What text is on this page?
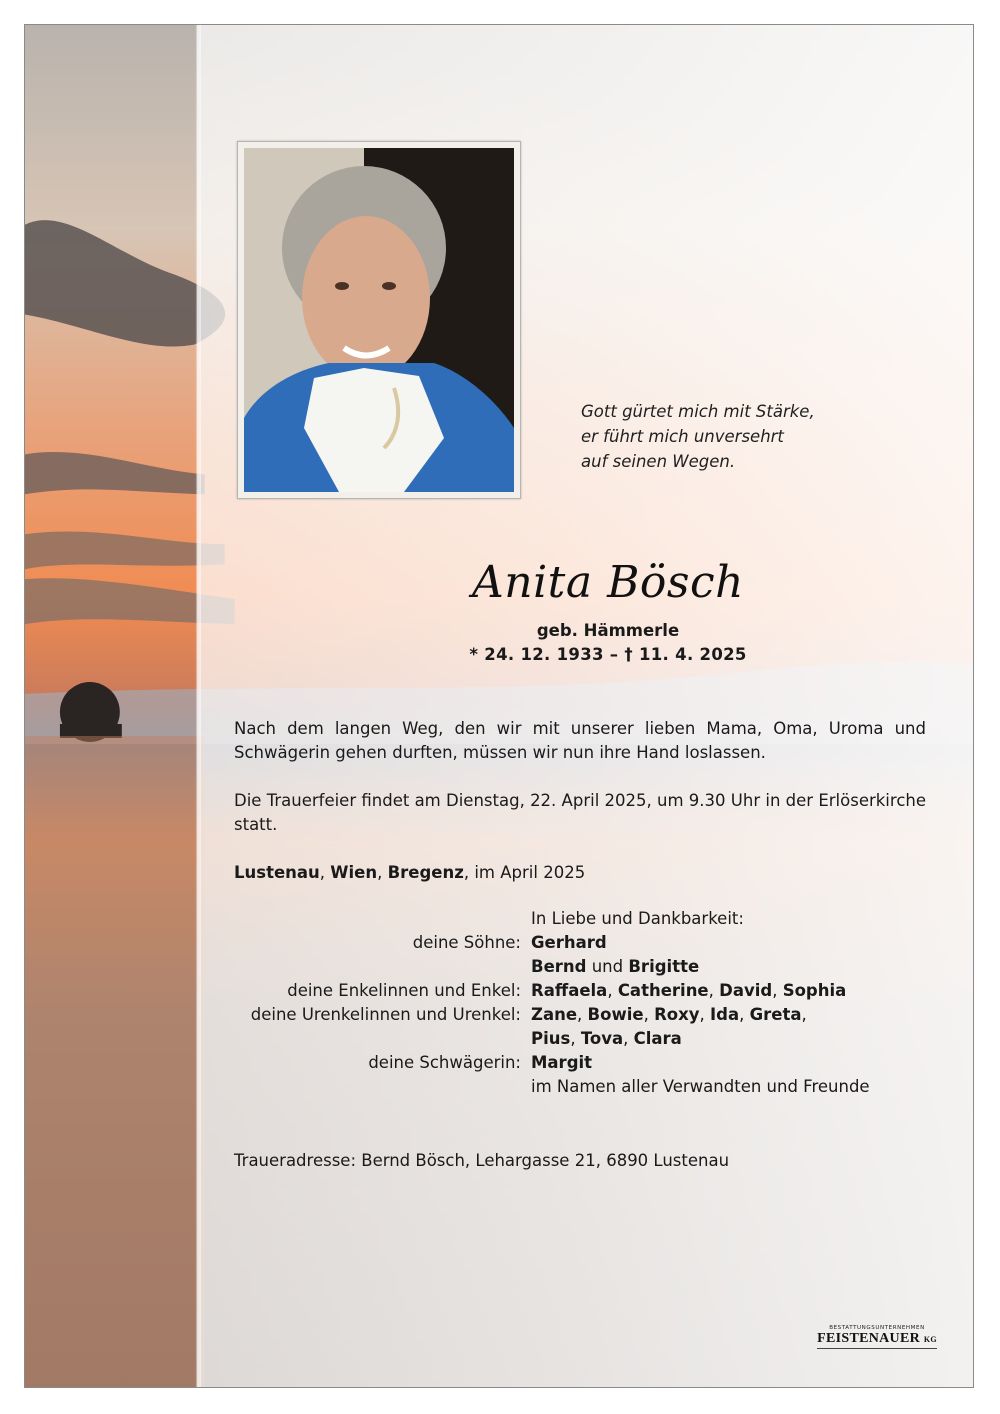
Gott gürtet mich mit Stärke,
er führt mich unversehrt
auf seinen Wegen.
Anita Bösch
geb. Hämmerle
* 24. 12. 1933 – † 11. 4. 2025
Nach dem langen Weg, den wir mit unserer lieben Mama, Oma, Uroma und Schwägerin gehen durften, müssen wir nun ihre Hand loslassen.
Die Trauerfeier findet am Dienstag, 22. April 2025, um 9.30 Uhr in der Erlöserkirche statt.
Lustenau, Wien, Bregenz, im April 2025
In Liebe und Dankbarkeit:
deine Söhne: Gerhard
Bernd und Brigitte
deine Enkelinnen und Enkel: Raffaela, Catherine, David, Sophia
deine Urenkelinnen und Urenkel: Zane, Bowie, Roxy, Ida, Greta,
Pius, Tova, Clara
deine Schwägerin: Margit
im Namen aller Verwandten und Freunde
Traueradresse: Bernd Bösch, Lehargasse 21, 6890 Lustenau
BESTATTUNGSUNTERNEHMEN
FEISTENAUER KG
